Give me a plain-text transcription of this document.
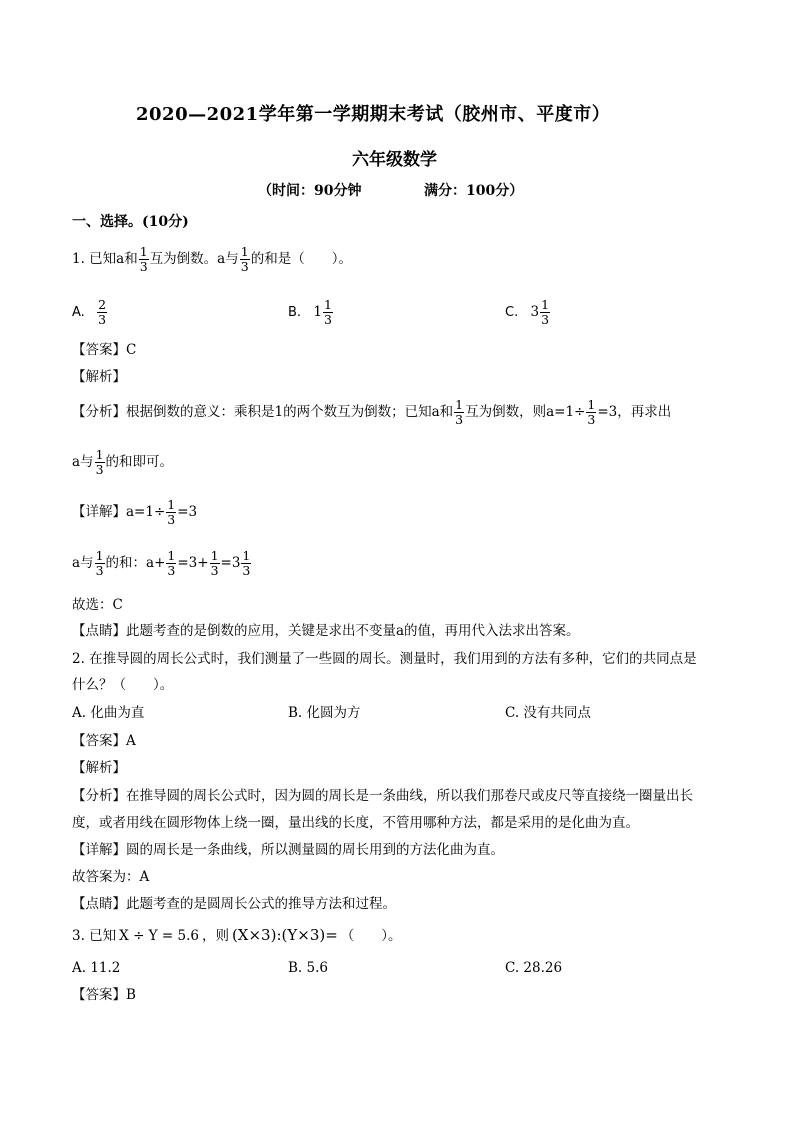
2020—2021学年第一学期期末考试（胶州市、平度市）
六年级数学
（时间：90分钟	满分：100分）
一、选择。(10分)
1. 已知a和 $\frac{1}{3}$ 互为倒数。a与 $\frac{1}{3}$ 的和是（　　）。
A. $\frac{2}{3}$	B. $1 \frac{1}{3}$	C. $3 \frac{1}{3}$
【答案】C
【解析】
【分析】根据倒数的意义：乘积是1的两个数互为倒数；已知a和 $\frac{1}{3}$ 互为倒数，则$a=1\div \frac{1}{3} =3$，再求出
a与 $\frac{1}{3}$ 的和即可。
【详解】$a=1\div \frac{1}{3} =3$
a与 $\frac{1}{3}$ 的和：$a+ \frac{1}{3} =3+ \frac{1}{3} =3 \frac{1}{3}$
故选：C
【点睛】此题考查的是倒数的应用，关键是求出不变量a的值，再用代入法求出答案。
2. 在推导圆的周长公式时，我们测量了一些圆的周长。测量时，我们用到的方法有多种，它们的共同点是
什么？（　　）。
A. 化曲为直	B. 化圆为方	C. 没有共同点
【答案】A
【解析】
【分析】在推导圆的周长公式时，因为圆的周长是一条曲线，所以我们那卷尺或皮尺等直接绕一圈量出长
度，或者用线在圆形物体上绕一圈，量出线的长度，不管用哪种方法，都是采用的是化曲为直。
【详解】圆的周长是一条曲线，所以测量圆的周长用到的方法化曲为直。
故答案为：A
【点睛】此题考查的是圆周长公式的推导方法和过程。
3. 已知 X ÷ Y = 5.6 ，则 (X×3):(Y×3)= （　　）。
A. 11.2	B. 5.6	C. 28.26
【答案】B
